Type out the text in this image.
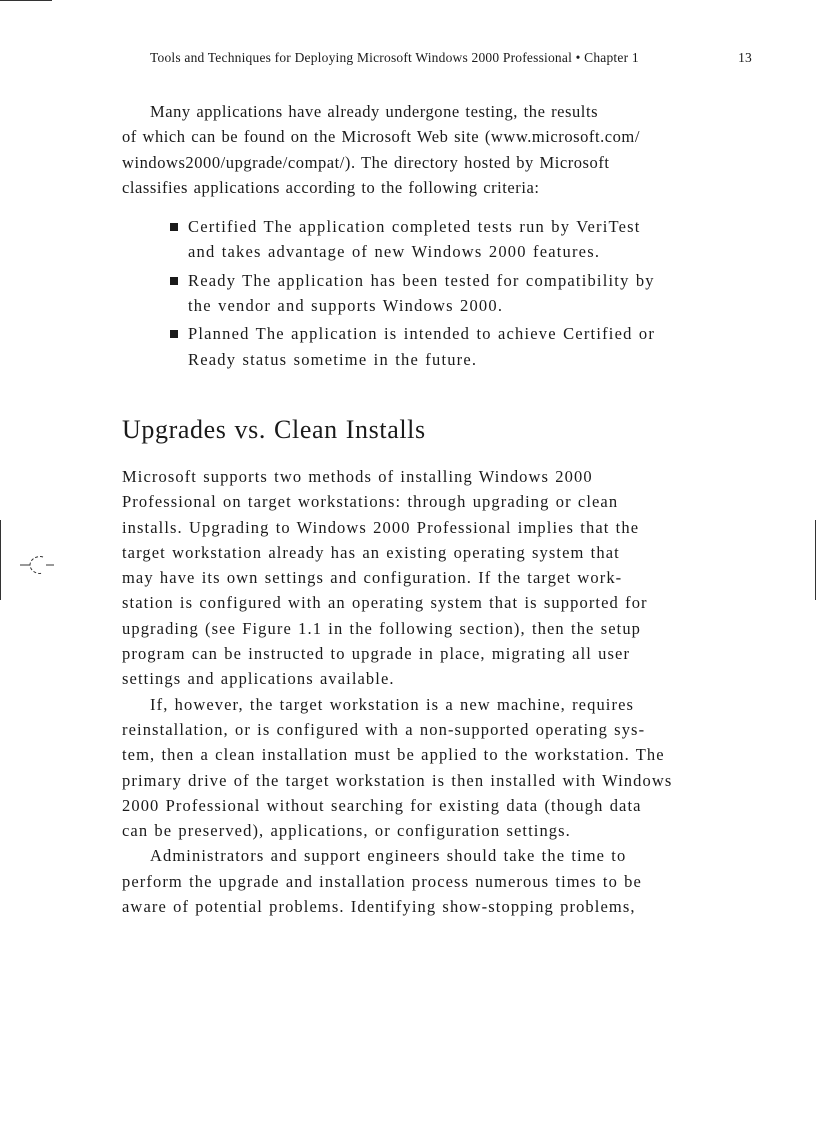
Tools and Techniques for Deploying Microsoft Windows 2000 Professional • Chapter 1	13
Many applications have already undergone testing, the results
of which can be found on the Microsoft Web site (www.microsoft.com/
windows2000/upgrade/compat/). The directory hosted by Microsoft
classifies applications according to the following criteria:
Certified The application completed tests run by VeriTest
and takes advantage of new Windows 2000 features.
Ready The application has been tested for compatibility by
the vendor and supports Windows 2000.
Planned The application is intended to achieve Certified or
Ready status sometime in the future.
Upgrades vs. Clean Installs
Microsoft supports two methods of installing Windows 2000
Professional on target workstations: through upgrading or clean
installs. Upgrading to Windows 2000 Professional implies that the
target workstation already has an existing operating system that
may have its own settings and configuration. If the target work-
station is configured with an operating system that is supported for
upgrading (see Figure 1.1 in the following section), then the setup
program can be instructed to upgrade in place, migrating all user
settings and applications available.
If, however, the target workstation is a new machine, requires
reinstallation, or is configured with a non-supported operating sys-
tem, then a clean installation must be applied to the workstation. The
primary drive of the target workstation is then installed with Windows
2000 Professional without searching for existing data (though data
can be preserved), applications, or configuration settings.
Administrators and support engineers should take the time to
perform the upgrade and installation process numerous times to be
aware of potential problems. Identifying show-stopping problems,
